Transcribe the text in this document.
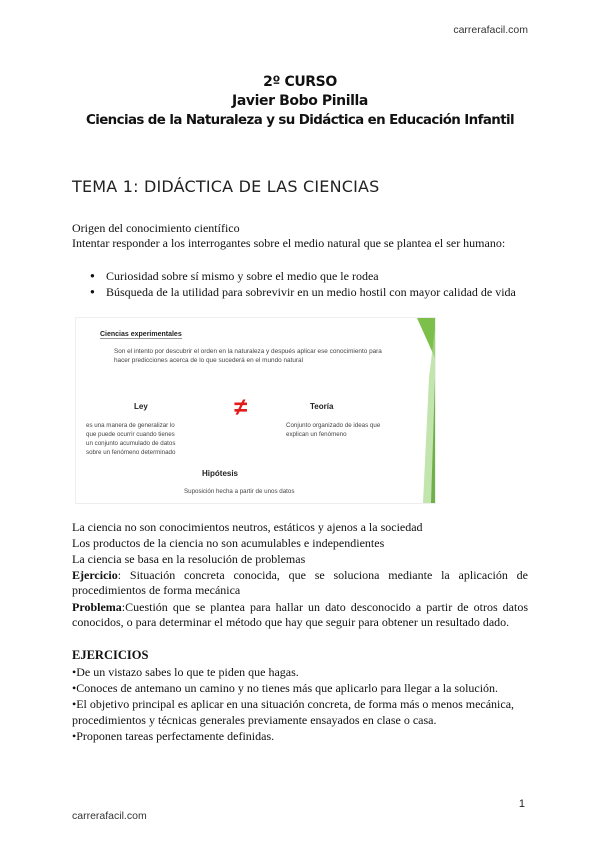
carrerafacil.com
2º CURSO
Javier Bobo Pinilla
Ciencias de la Naturaleza y su Didáctica en Educación Infantil
TEMA 1: DIDÁCTICA DE LAS CIENCIAS
Origen del conocimiento científico
Intentar responder a los interrogantes sobre el medio natural que se plantea el ser humano:
● Curiosidad sobre sí mismo y sobre el medio que le rodea
● Búsqueda de la utilidad para sobrevivir en un medio hostil con mayor calidad de vida
Ciencias experimentales
Son el intento por descubrir el orden en la naturaleza y después aplicar ese conocimiento para hacer predicciones acerca de lo que sucederá en el mundo natural
Ley
es una manera de generalizar lo que puede ocurrir cuando tienes un conjunto acumulado de datos sobre un fenómeno determinado
≠	Teoría
Conjunto organizado de ideas que explican un fenómeno
Hipótesis
Suposición hecha a partir de unos datos
La ciencia no son conocimientos neutros, estáticos y ajenos a la sociedad
Los productos de la ciencia no son acumulables e independientes
La ciencia se basa en la resolución de problemas
Ejercicio: Situación concreta conocida, que se soluciona mediante la aplicación de procedimientos de forma mecánica
Problema:Cuestión que se plantea para hallar un dato desconocido a partir de otros datos conocidos, o para determinar el método que hay que seguir para obtener un resultado dado.
EJERCICIOS
•De un vistazo sabes lo que te piden que hagas.
•Conoces de antemano un camino y no tienes más que aplicarlo para llegar a la solución.
•El objetivo principal es aplicar en una situación concreta, de forma más o menos mecánica,
procedimientos y técnicas generales previamente ensayados en clase o casa.
•Proponen tareas perfectamente definidas.
1
carrerafacil.com
